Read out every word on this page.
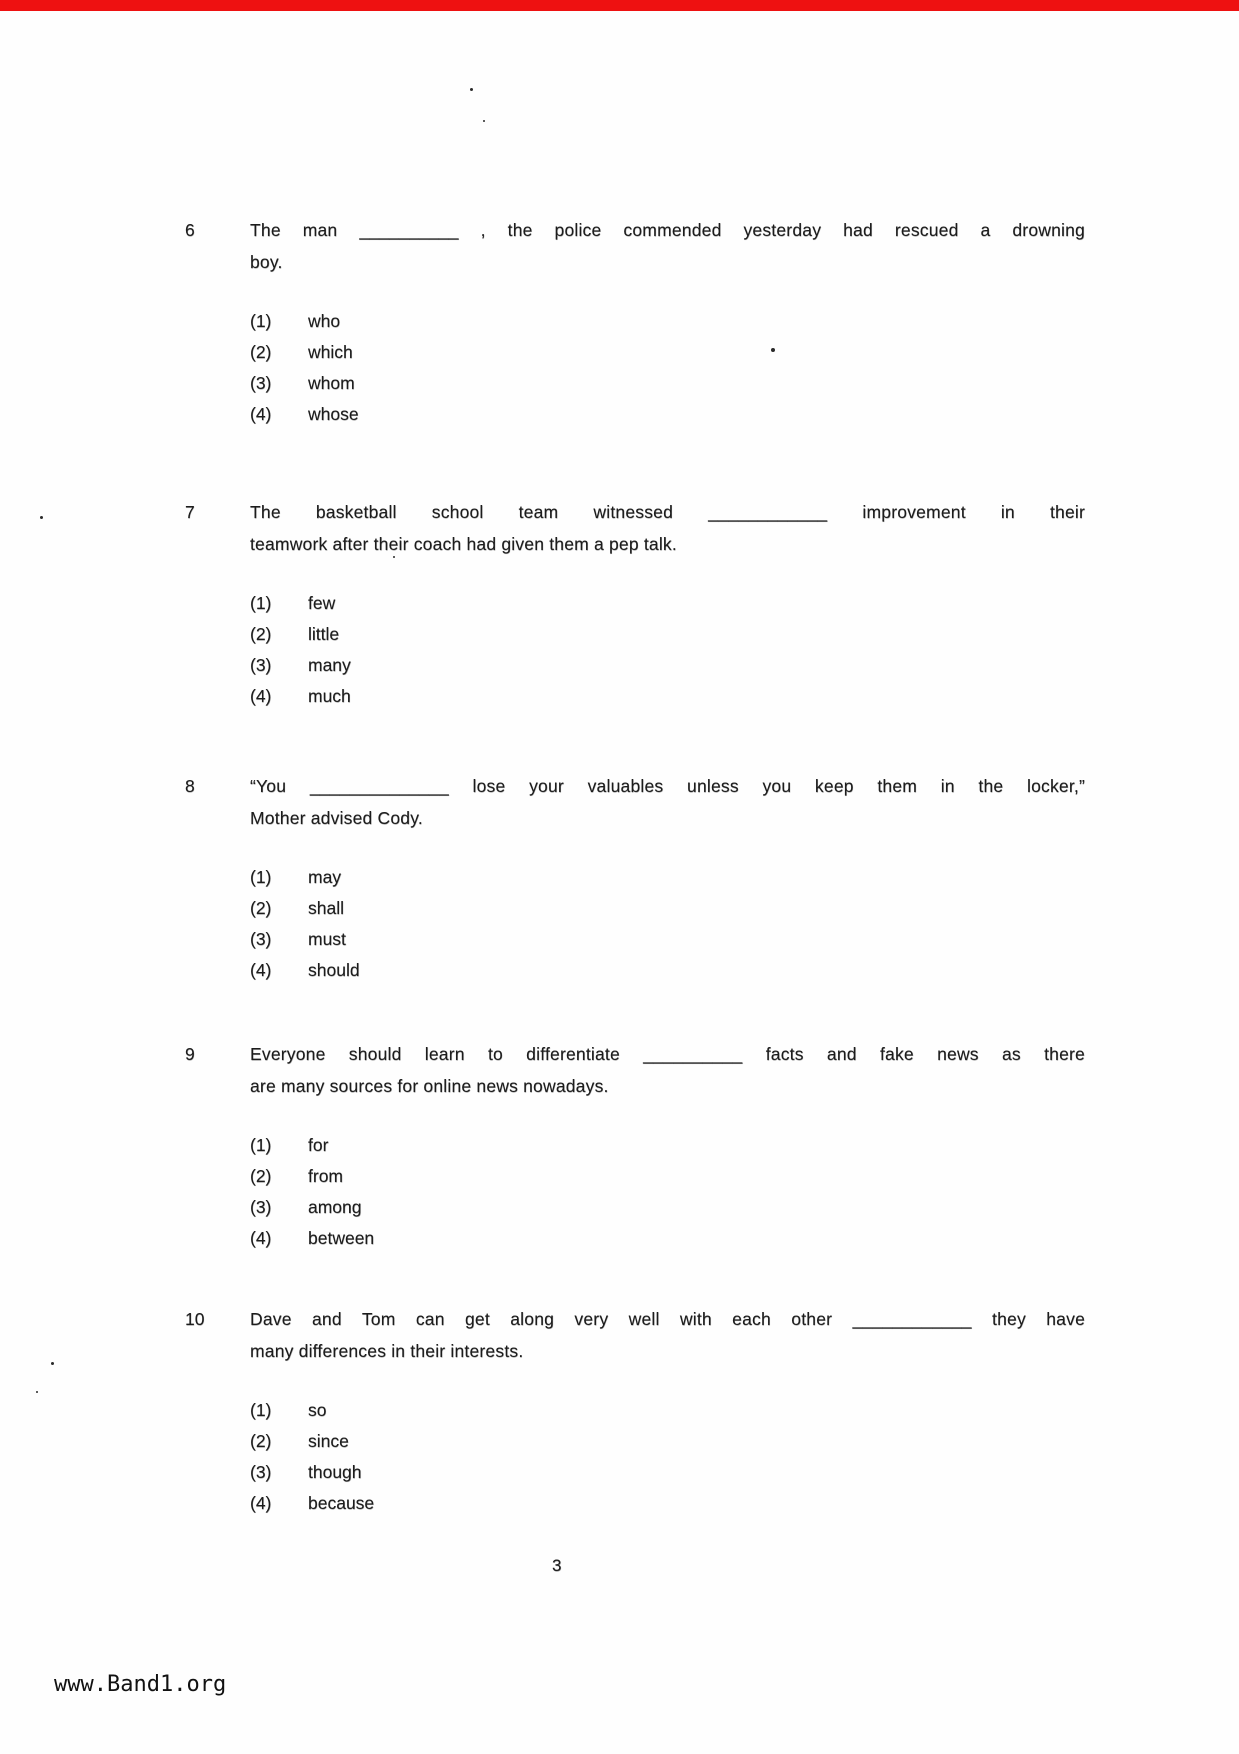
6	The man __________ , the police commended yesterday had rescued a drowning
boy.
(1)	who
(2)	which
(3)	whom
(4)	whose
7	The basketball school team witnessed ____________ improvement in their
teamwork after their coach had given them a pep talk.
(1)	few
(2)	little
(3)	many
(4)	much
8	“You ______________ lose your valuables unless you keep them in the locker,”
Mother advised Cody.
(1)	may
(2)	shall
(3)	must
(4)	should
9	Everyone should learn to differentiate __________ facts and fake news as there
are many sources for online news nowadays.
(1)	for
(2)	from
(3)	among
(4)	between
10	Dave and Tom can get along very well with each other ____________ they have
many differences in their interests.
(1)	so
(2)	since
(3)	though
(4)	because
3
www.Band1.org
